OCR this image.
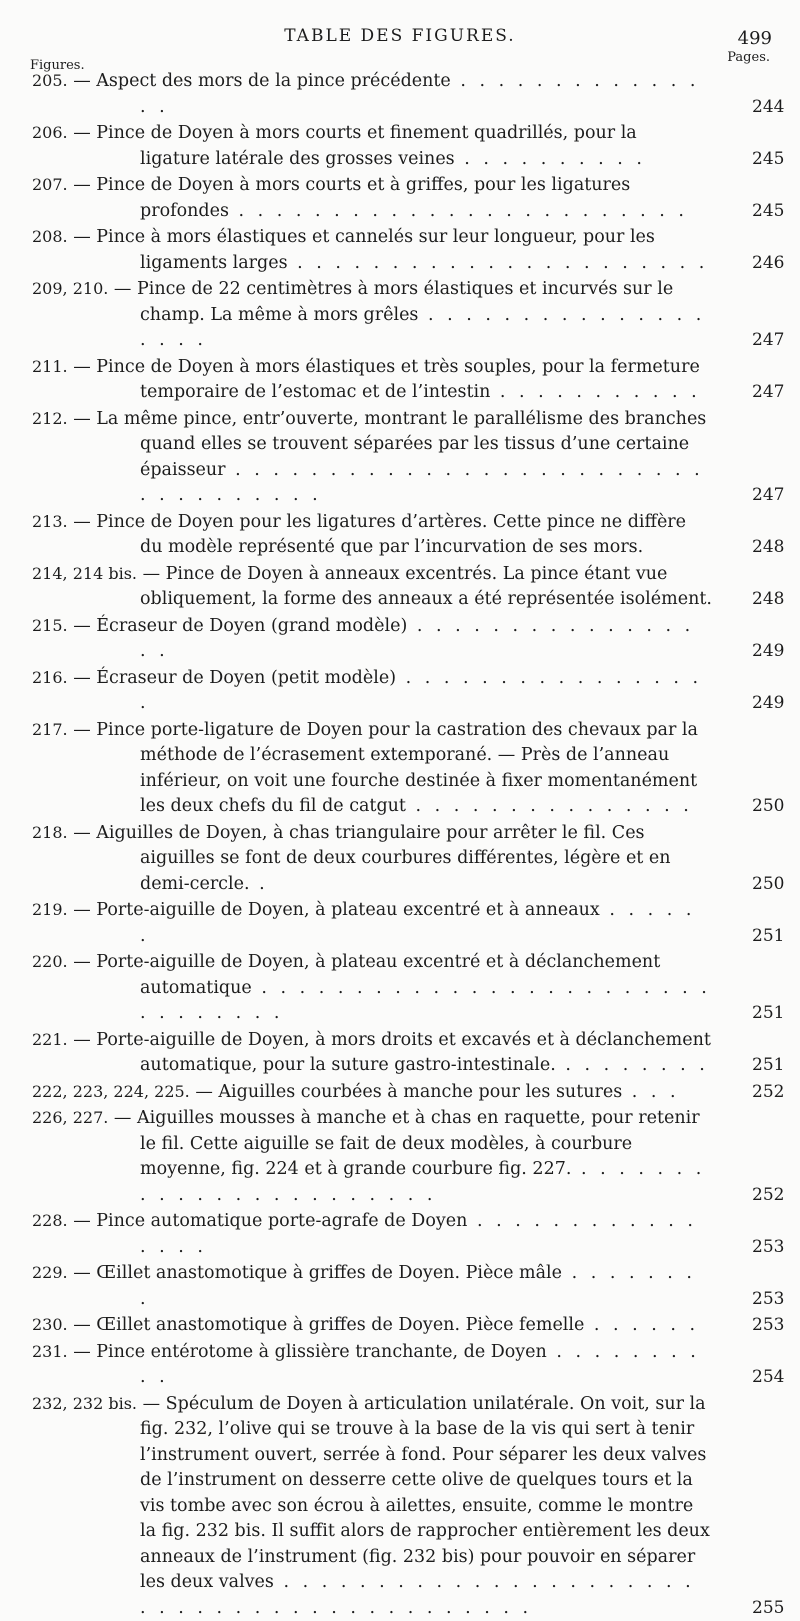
TABLE DES FIGURES.	499
Figures.
Pages.
205. — Aspect des mors de la pince précédente . . . . . . . . . . . . . . .	244
206. — Pince de Doyen à mors courts et finement quadrillés, pour la ligature latérale des grosses veines . . . . . . . . . .	245
207. — Pince de Doyen à mors courts et à griffes, pour les ligatures profondes . . . . . . . . . . . . . . . . . . . . . . . .	245
208. — Pince à mors élastiques et cannelés sur leur longueur, pour les ligaments larges . . . . . . . . . . . . . . . . . . . . . .	246
209, 210. — Pince de 22 centimètres à mors élastiques et incurvés sur le champ. La même à mors grêles . . . . . . . . . . . . . . . . . . .	247
211. — Pince de Doyen à mors élastiques et très souples, pour la fermeture temporaire de l’estomac et de l’intestin . . . . . . . . . . .	247
212. — La même pince, entr’ouverte, montrant le parallélisme des branches quand elles se trouvent séparées par les tissus d’une certaine épaisseur . . . . . . . . . . . . . . . . . . . . . . . . . . . . . . . . . . .	247
213. — Pince de Doyen pour les ligatures d’artères. Cette pince ne diffère du modèle représenté que par l’incurvation de ses mors.	248
214, 214 bis. — Pince de Doyen à anneaux excentrés. La pince étant vue obliquement, la forme des anneaux a été représentée isolément. 248
215. — Écraseur de Doyen (grand modèle) . . . . . . . . . . . . . . . . .	249
216. — Écraseur de Doyen (petit modèle) . . . . . . . . . . . . . . . . .	249
217. — Pince porte-ligature de Doyen pour la castration des chevaux par la méthode de l’écrasement extemporané. — Près de l’anneau inférieur, on voit une fourche destinée à fixer momentanément les deux chefs du fil de catgut . . . . . . . . . . . . . . .	250
218. — Aiguilles de Doyen, à chas triangulaire pour arrêter le fil. Ces aiguilles se font de deux courbures différentes, légère et en demi-cercle. .	250
219. — Porte-aiguille de Doyen, à plateau excentré et à anneaux . . . . . .	251
220. — Porte-aiguille de Doyen, à plateau excentré et à déclanchement automatique . . . . . . . . . . . . . . . . . . . . . . . . . . . . . . . .	251
221. — Porte-aiguille de Doyen, à mors droits et excavés et à déclanchement automatique, pour la suture gastro-intestinale. . . . . . . . .	251
222, 223, 224, 225. — Aiguilles courbées à manche pour les sutures . . .	252
226, 227. — Aiguilles mousses à manche et à chas en raquette, pour retenir le fil. Cette aiguille se fait de deux modèles, à courbure moyenne, fig. 224 et à grande courbure fig. 227. . . . . . . . . . . . . . . . . . . . . . . .	252
228. — Pince automatique porte-agrafe de Doyen . . . . . . . . . . . . . . . .	253
229. — Œillet anastomotique à griffes de Doyen. Pièce mâle . . . . . . . .	253
230. — Œillet anastomotique à griffes de Doyen. Pièce femelle . . . . . .	253
231. — Pince entérotome à glissière tranchante, de Doyen . . . . . . . . . .	254
232, 232 bis. — Spéculum de Doyen à articulation unilatérale. On voit, sur la fig. 232, l’olive qui se trouve à la base de la vis qui sert à tenir l’instrument ouvert, serrée à fond. Pour séparer les deux valves de l’instrument on desserre cette olive de quelques tours et la vis tombe avec son écrou à ailettes, ensuite, comme le montre la fig. 232 bis. Il suffit alors de rapprocher entièrement les deux anneaux de l’instrument (fig. 232 bis) pour pouvoir en séparer les deux valves . . . . . . . . . . . . . . . . . . . . . . . . . . . . . . . . . . . . . . . . . . .	255
